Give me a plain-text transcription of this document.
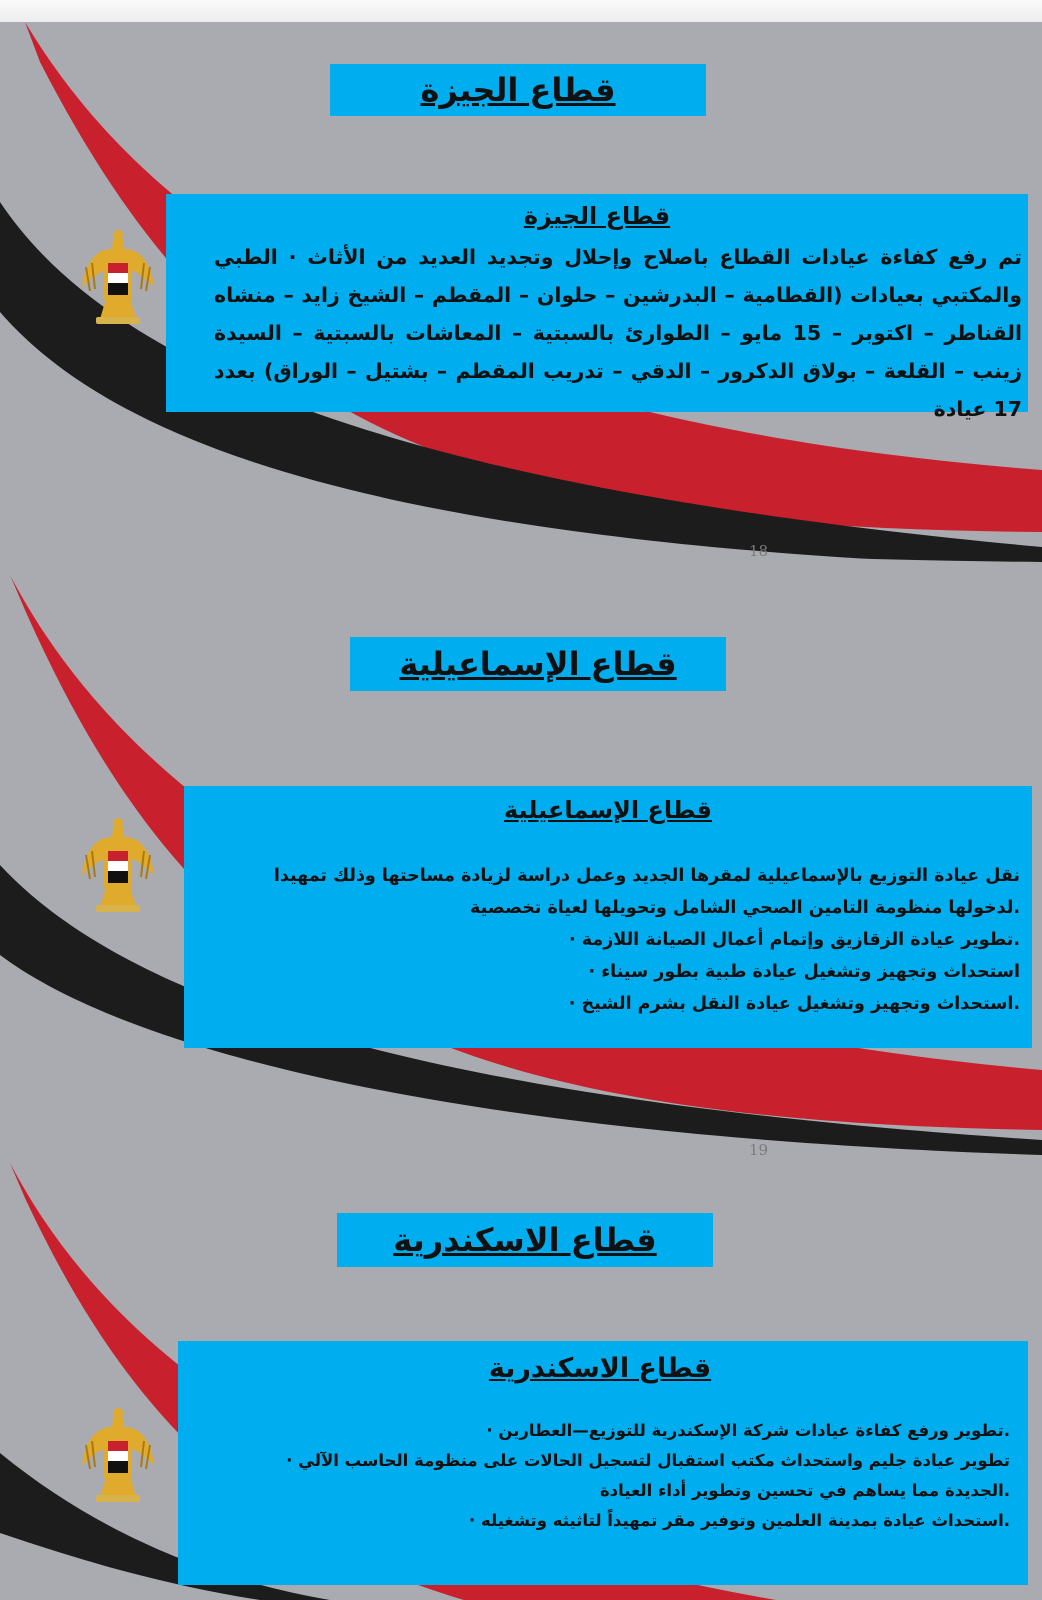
قطاع الجيزة
قطاع الجيزة
تم رفع كفاءة عيادات القطاع باصلاح وإحلال وتجديد العديد من الأثاث · الطبي والمكتبي بعيادات (القطامية – البدرشين – حلوان – المقطم – الشيخ زايد – منشاه القناطر – اكتوبر – 15 مايو – الطوارئ بالسبتية – المعاشات بالسبتية – السيدة زينب – القلعة – بولاق الدكرور – الدقي – تدريب المقطم – بشتيل – الوراق) بعدد 17 عيادة
18
قطاع الإسماعيلية
قطاع الإسماعيلية
نقل عيادة التوزيع بالإسماعيلية لمقرها الجديد وعمل دراسة لزيادة مساحتها وذلك تمهيدا
.لدخولها منظومة التامين الصحي الشامل وتحويلها لعياة تخصصية
.تطوير عيادة الزقازيق وإتمام أعمال الصيانة اللازمة ·
استحداث وتجهيز وتشغيل عيادة طبية بطور سيناء ·
.استحداث وتجهيز وتشغيل عيادة النقل بشرم الشيخ ·
19
قطاع الاسكندرية
قطاع الاسكندرية
.تطوير ورفع كفاءة عيادات شركة الإسكندرية للتوزيع—العطارين ·
تطوير عيادة جليم واستحداث مكتب استقبال لتسجيل الحالات على منظومة الحاسب الآلي ·
.الجديدة مما يساهم في تحسين وتطوير أداء العيادة
.استحداث عيادة بمدينة العلمين وتوفير مقر تمهيداً لتاثيثه وتشغيله ·
